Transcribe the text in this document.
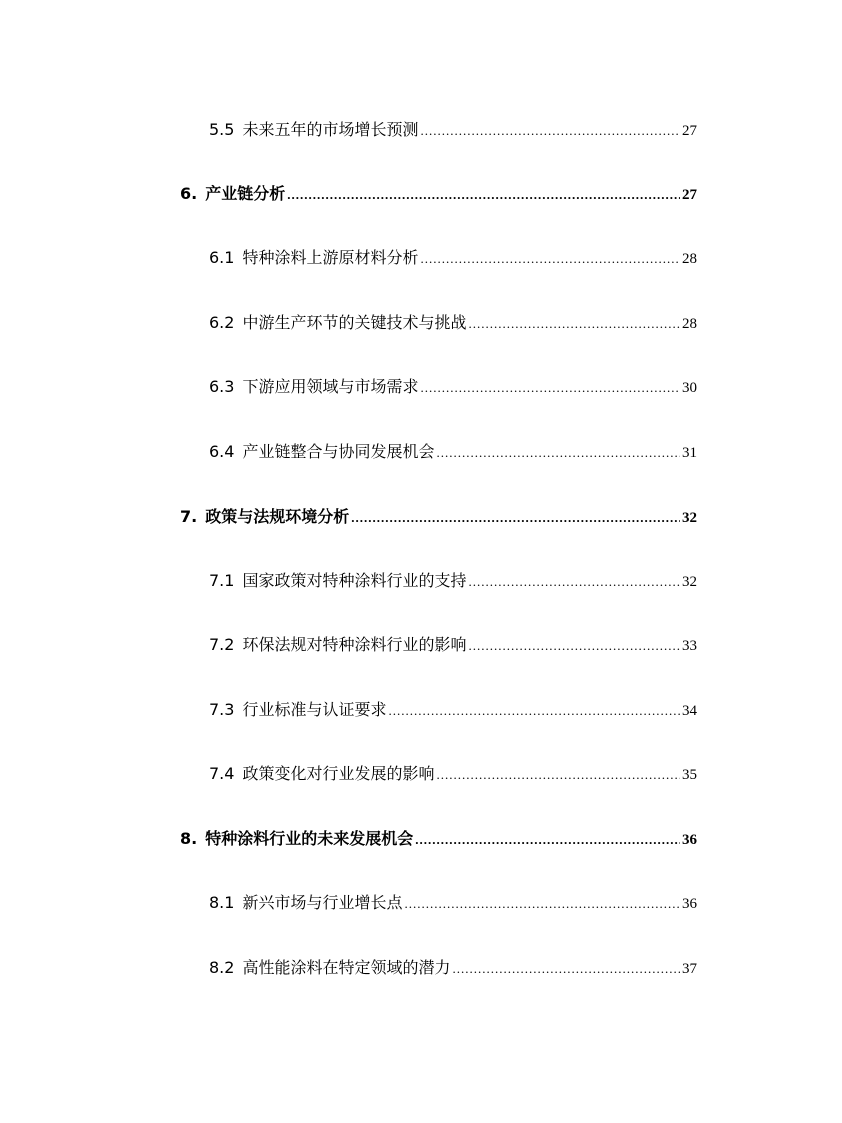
5.5 未来五年的市场增长预测 .....	27
6. 产业链分析 .....	27
6.1 特种涂料上游原材料分析 .....	28
6.2 中游生产环节的关键技术与挑战 .....	28
6.3 下游应用领域与市场需求 .....	30
6.4 产业链整合与协同发展机会 .....	31
7. 政策与法规环境分析 .....	32
7.1 国家政策对特种涂料行业的支持 .....	32
7.2 环保法规对特种涂料行业的影响 .....	33
7.3 行业标准与认证要求 .....	34
7.4 政策变化对行业发展的影响 .....	35
8. 特种涂料行业的未来发展机会 .....	36
8.1 新兴市场与行业增长点 .....	36
8.2 高性能涂料在特定领域的潜力 .....	37
